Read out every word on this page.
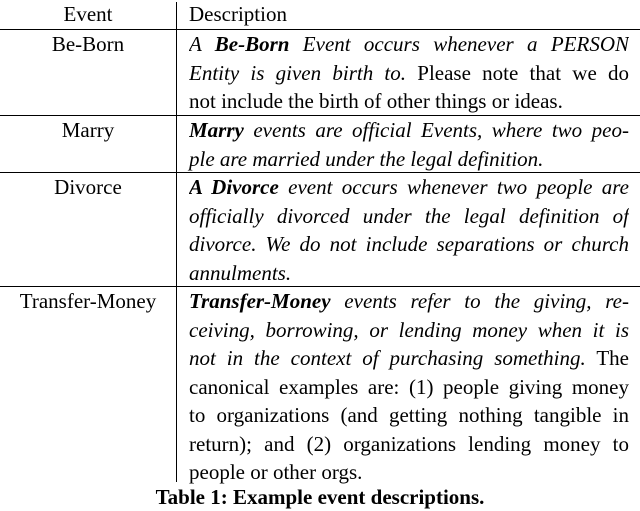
Event	Description
Be-Born	A Be-Born Event occurs whenever a PERSON
Entity is given birth to. Please note that we do
not include the birth of other things or ideas.
Marry	Marry events are official Events, where two peo-
ple are married under the legal definition.
Divorce	A Divorce event occurs whenever two people are
officially divorced under the legal definition of
divorce. We do not include separations or church
annulments.
Transfer-Money	Transfer-Money events refer to the giving, re-
ceiving, borrowing, or lending money when it is
not in the context of purchasing something. The
canonical examples are: (1) people giving money
to organizations (and getting nothing tangible in
return); and (2) organizations lending money to
people or other orgs.
Table 1: Example event descriptions.
